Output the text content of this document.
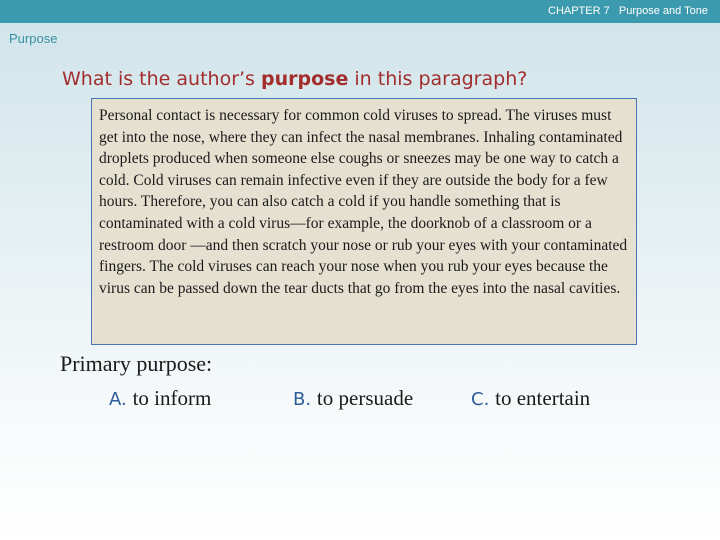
CHAPTER 7   Purpose and Tone
Purpose
What is the author’s purpose in this paragraph?

Personal contact is necessary for common cold viruses to spread. The viruses must get into the nose, where they can infect the nasal membranes. Inhaling contaminated droplets produced when someone else coughs or sneezes may be one way to catch a cold. Cold viruses can remain infective even if they are outside the body for a few hours. Therefore, you can also catch a cold if you handle something that is contaminated with a cold virus—for example, the doorknob of a classroom or a restroom door —and then scratch your nose or rub your eyes with your contaminated fingers. The cold viruses can reach your nose when you rub your eyes because the virus can be passed down the tear ducts that go from the eyes into the nasal cavities.

Primary purpose:
A. to inform	B. to persuade	C. to entertain
